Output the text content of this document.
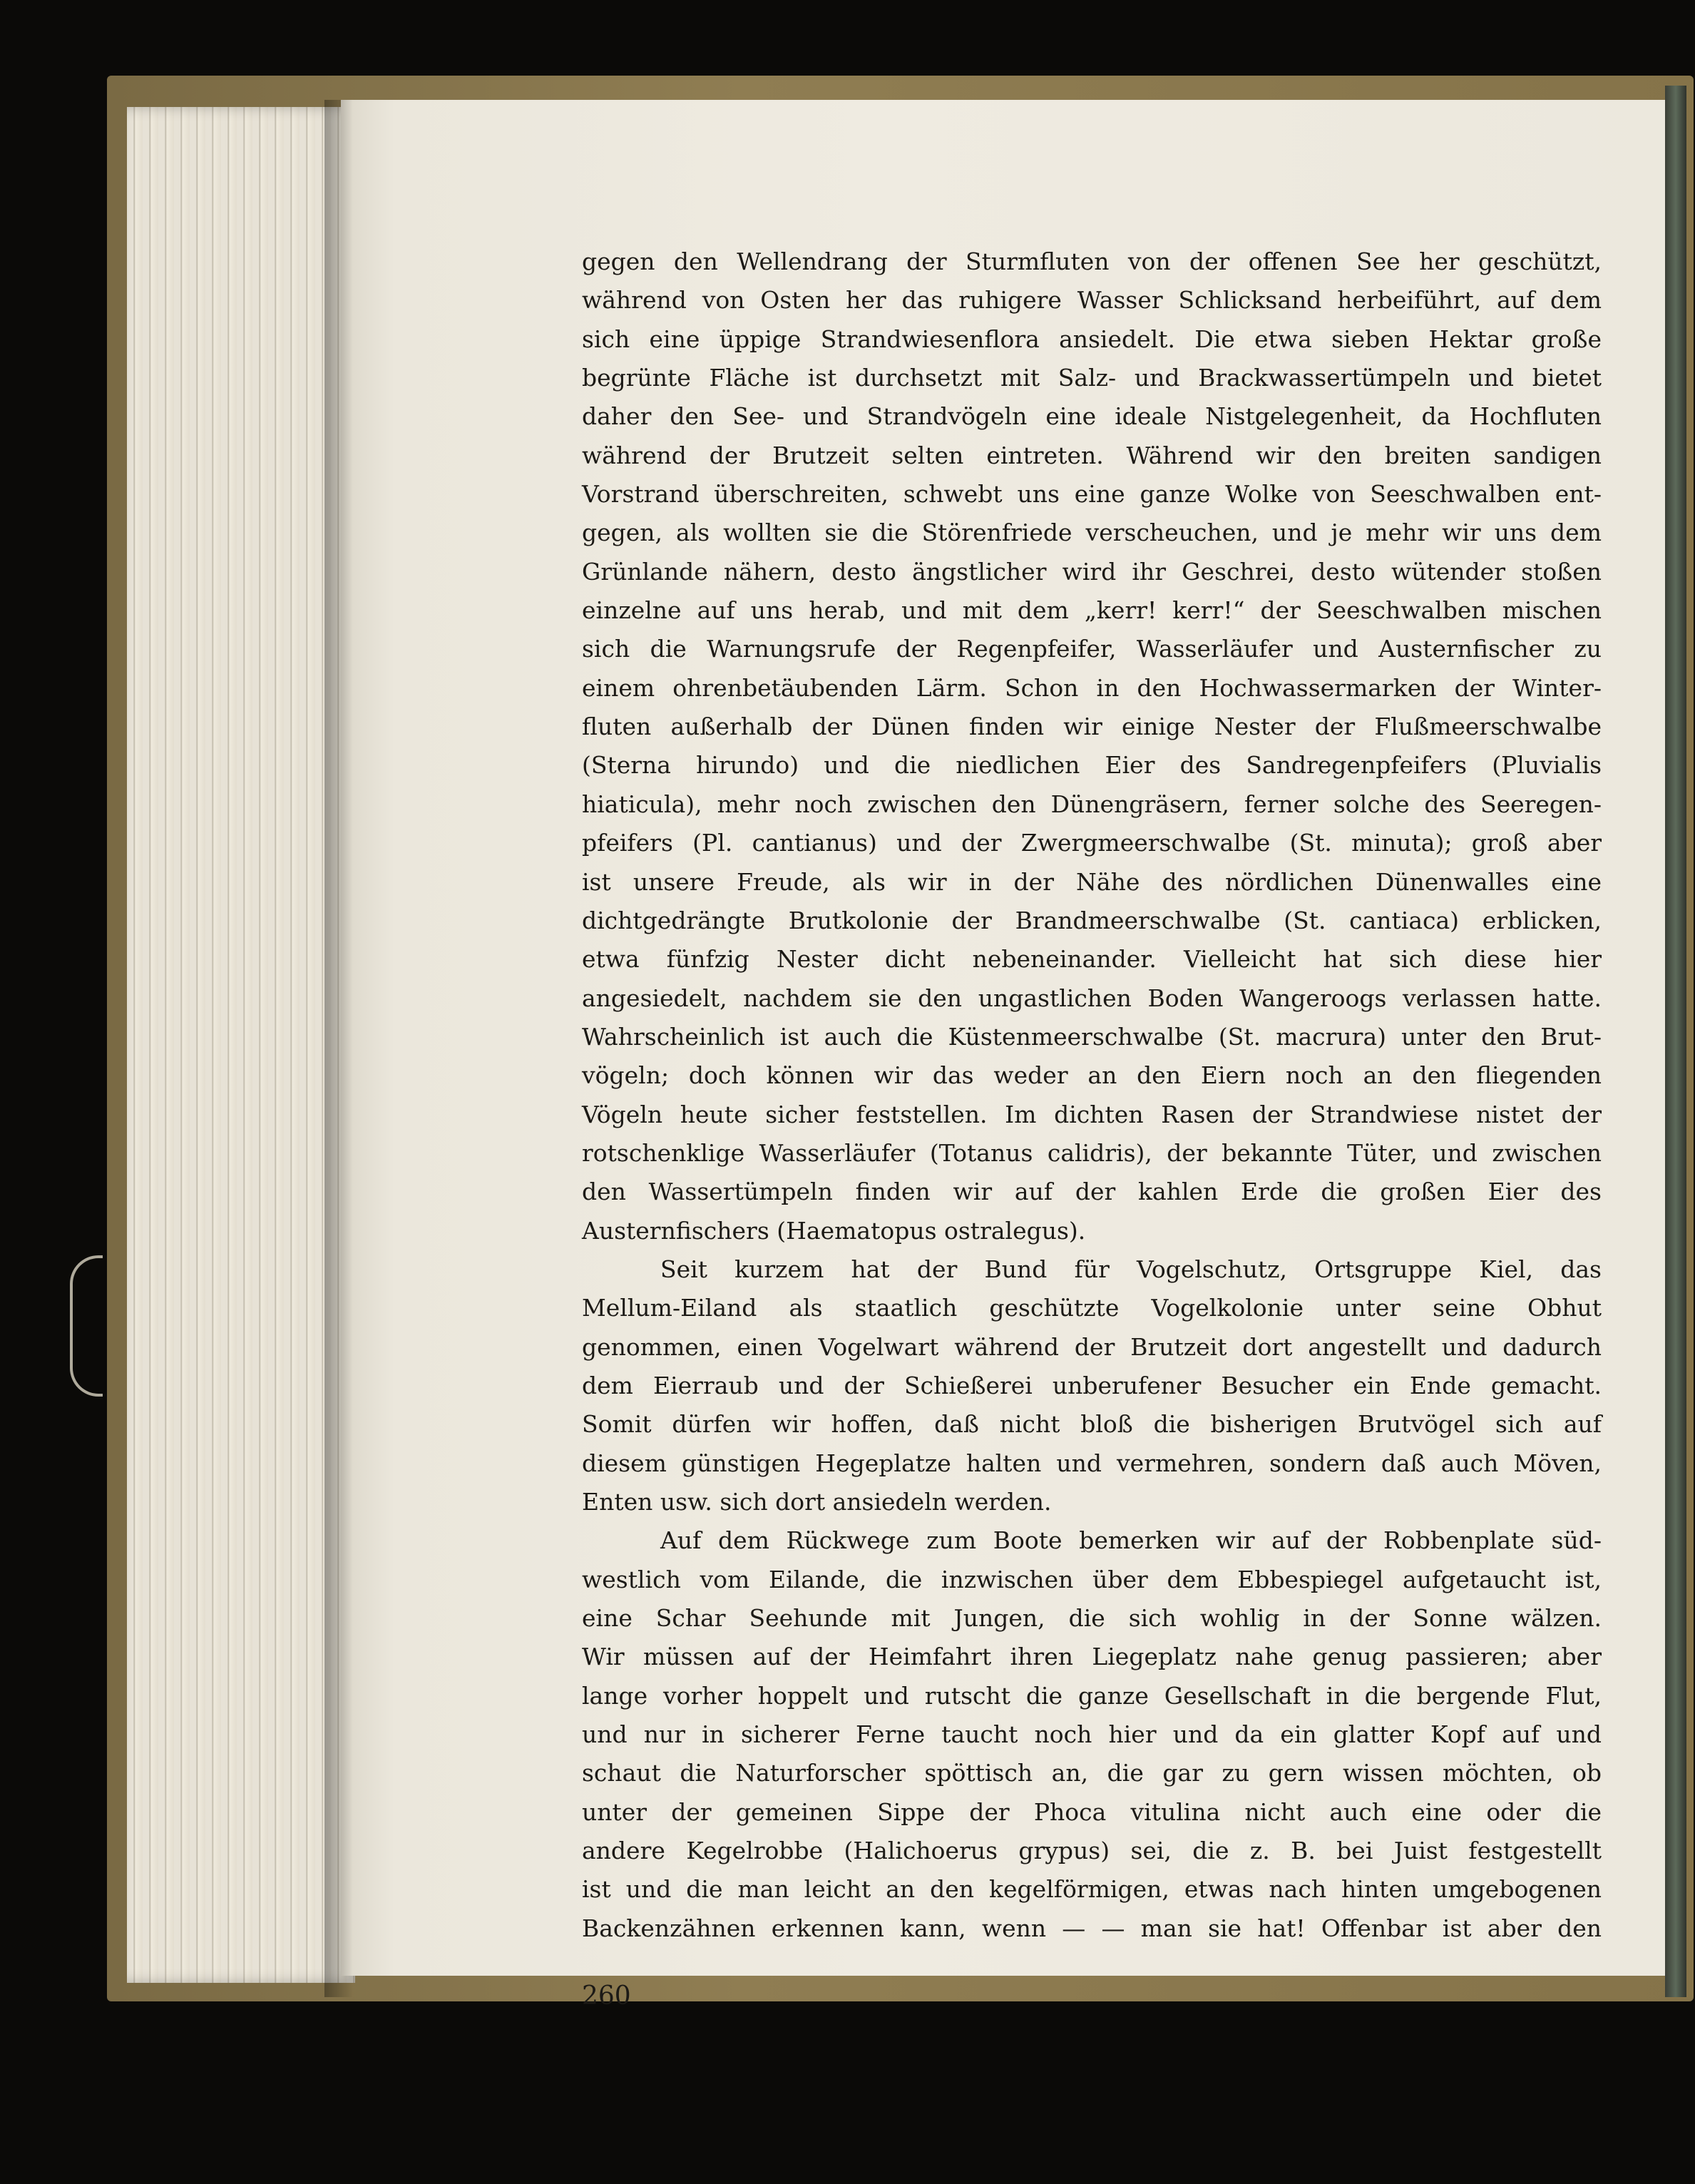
gegen den Wellendrang der Sturmfluten von der offenen See her geschützt,
während von Osten her das ruhigere Wasser Schlicksand herbeiführt, auf dem
sich eine üppige Strandwiesenflora ansiedelt. Die etwa sieben Hektar große
begrünte Fläche ist durchsetzt mit Salz- und Brackwassertümpeln und bietet
daher den See- und Strandvögeln eine ideale Nistgelegenheit, da Hochfluten
während der Brutzeit selten eintreten. Während wir den breiten sandigen
Vorstrand überschreiten, schwebt uns eine ganze Wolke von Seeschwalben ent-
gegen, als wollten sie die Störenfriede verscheuchen, und je mehr wir uns dem
Grünlande nähern, desto ängstlicher wird ihr Geschrei, desto wütender stoßen
einzelne auf uns herab, und mit dem „kerr! kerr!“ der Seeschwalben mischen
sich die Warnungsrufe der Regenpfeifer, Wasserläufer und Austernfischer zu
einem ohrenbetäubenden Lärm. Schon in den Hochwassermarken der Winter-
fluten außerhalb der Dünen finden wir einige Nester der Flußmeerschwalbe
(Sterna hirundo) und die niedlichen Eier des Sandregenpfeifers (Pluvialis
hiaticula), mehr noch zwischen den Dünengräsern, ferner solche des Seeregen-
pfeifers (Pl. cantianus) und der Zwergmeerschwalbe (St. minuta); groß aber
ist unsere Freude, als wir in der Nähe des nördlichen Dünenwalles eine
dichtgedrängte Brutkolonie der Brandmeerschwalbe (St. cantiaca) erblicken,
etwa fünfzig Nester dicht nebeneinander. Vielleicht hat sich diese hier
angesiedelt, nachdem sie den ungastlichen Boden Wangeroogs verlassen hatte.
Wahrscheinlich ist auch die Küstenmeerschwalbe (St. macrura) unter den Brut-
vögeln; doch können wir das weder an den Eiern noch an den fliegenden
Vögeln heute sicher feststellen. Im dichten Rasen der Strandwiese nistet der
rotschenklige Wasserläufer (Totanus calidris), der bekannte Tüter, und zwischen
den Wassertümpeln finden wir auf der kahlen Erde die großen Eier des
Austernfischers (Haematopus ostralegus).
Seit kurzem hat der Bund für Vogelschutz, Ortsgruppe Kiel, das
Mellum-Eiland als staatlich geschützte Vogelkolonie unter seine Obhut
genommen, einen Vogelwart während der Brutzeit dort angestellt und dadurch
dem Eierraub und der Schießerei unberufener Besucher ein Ende gemacht.
Somit dürfen wir hoffen, daß nicht bloß die bisherigen Brutvögel sich auf
diesem günstigen Hegeplatze halten und vermehren, sondern daß auch Möven,
Enten usw. sich dort ansiedeln werden.
Auf dem Rückwege zum Boote bemerken wir auf der Robbenplate süd-
westlich vom Eilande, die inzwischen über dem Ebbespiegel aufgetaucht ist,
eine Schar Seehunde mit Jungen, die sich wohlig in der Sonne wälzen.
Wir müssen auf der Heimfahrt ihren Liegeplatz nahe genug passieren; aber
lange vorher hoppelt und rutscht die ganze Gesellschaft in die bergende Flut,
und nur in sicherer Ferne taucht noch hier und da ein glatter Kopf auf und
schaut die Naturforscher spöttisch an, die gar zu gern wissen möchten, ob
unter der gemeinen Sippe der Phoca vitulina nicht auch eine oder die
andere Kegelrobbe (Halichoerus grypus) sei, die z. B. bei Juist festgestellt
ist und die man leicht an den kegelförmigen, etwas nach hinten umgebogenen
Backenzähnen erkennen kann, wenn — — man sie hat! Offenbar ist aber den
260
